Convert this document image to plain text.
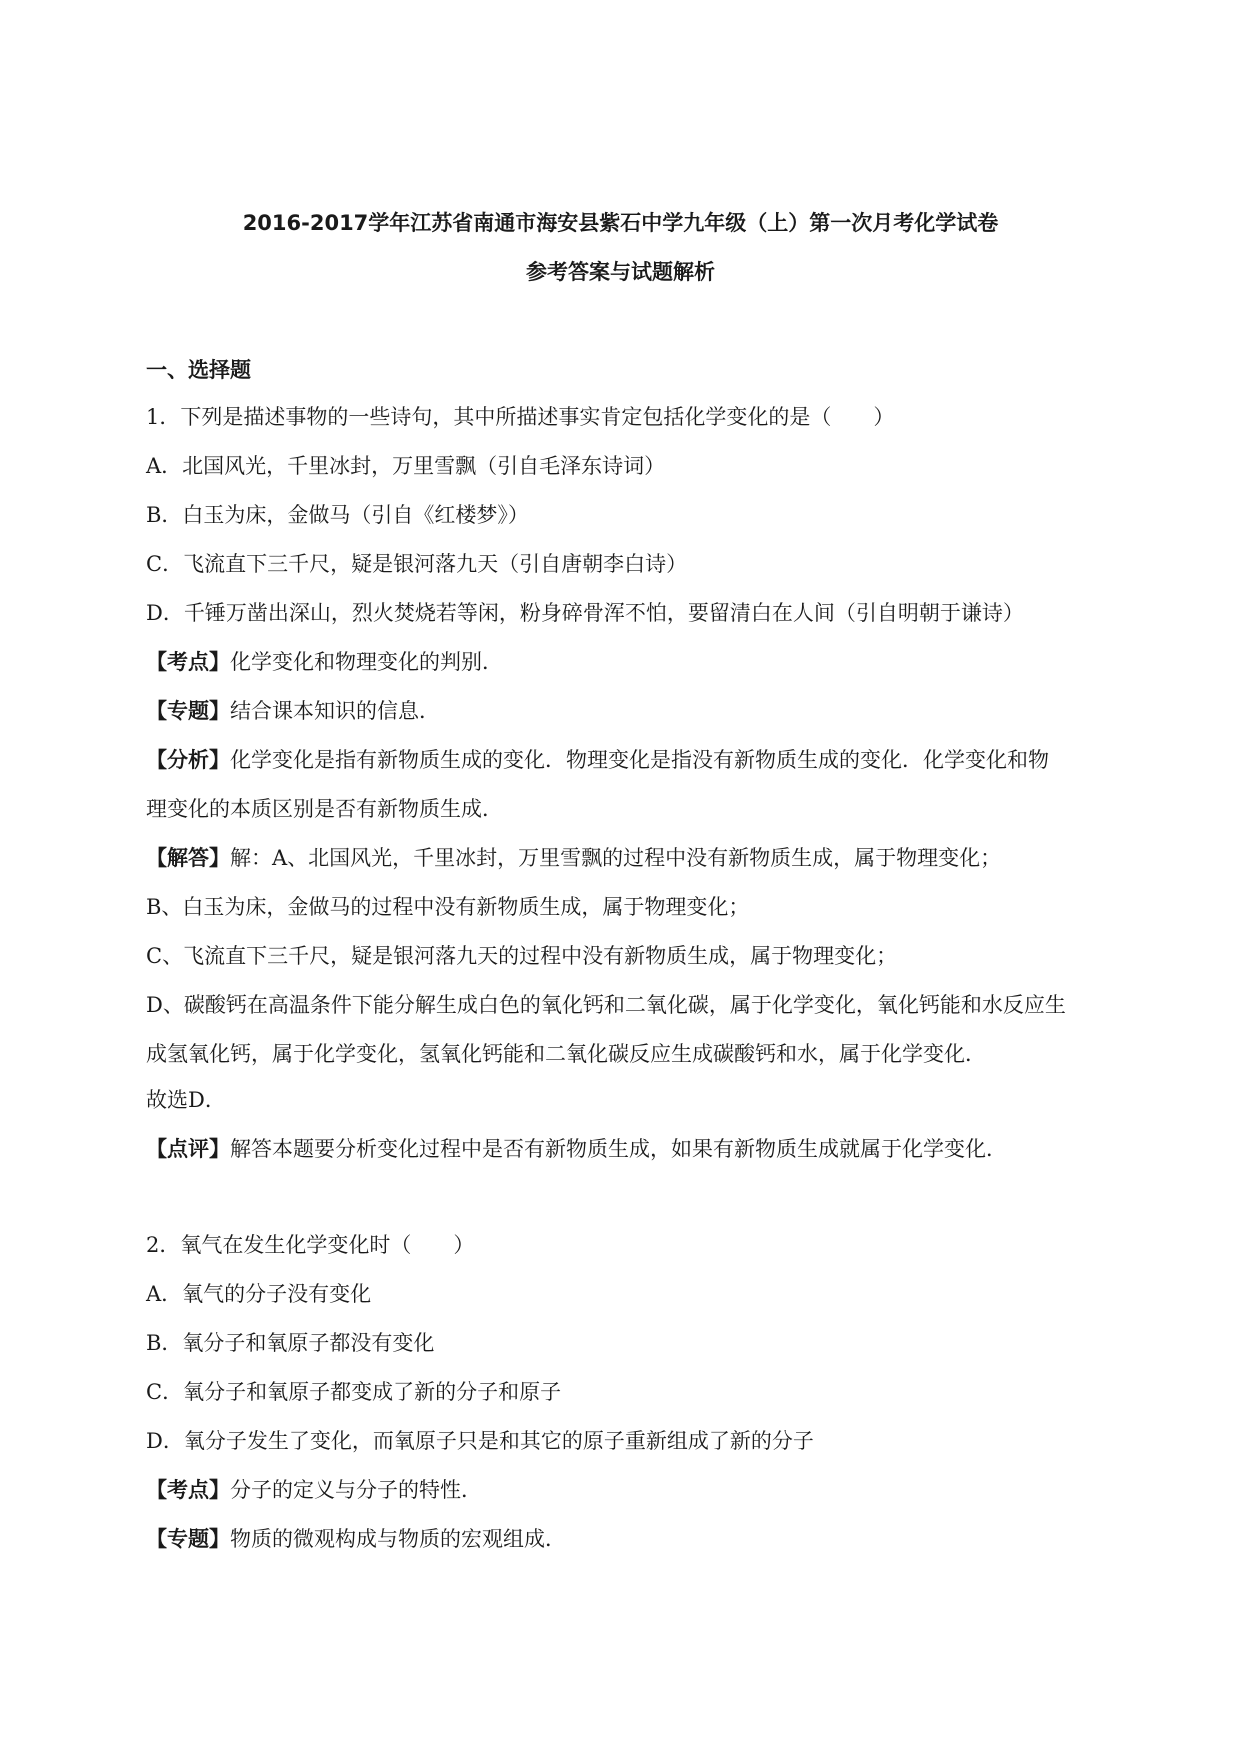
2016-2017学年江苏省南通市海安县紫石中学九年级（上）第一次月考化学试卷
参考答案与试题解析
一、选择题
1．下列是描述事物的一些诗句，其中所描述事实肯定包括化学变化的是（　　）
A．北国风光，千里冰封，万里雪飘（引自毛泽东诗词）
B．白玉为床，金做马（引自《红楼梦》）
C．飞流直下三千尺，疑是银河落九天（引自唐朝李白诗）
D．千锤万凿出深山，烈火焚烧若等闲，粉身碎骨浑不怕，要留清白在人间（引自明朝于谦诗）
【考点】化学变化和物理变化的判别．
【专题】结合课本知识的信息．
【分析】化学变化是指有新物质生成的变化．物理变化是指没有新物质生成的变化．化学变化和物
理变化的本质区别是否有新物质生成．
【解答】解：A、北国风光，千里冰封，万里雪飘的过程中没有新物质生成，属于物理变化；
B、白玉为床，金做马的过程中没有新物质生成，属于物理变化；
C、飞流直下三千尺，疑是银河落九天的过程中没有新物质生成，属于物理变化；
D、碳酸钙在高温条件下能分解生成白色的氧化钙和二氧化碳，属于化学变化，氧化钙能和水反应生
成氢氧化钙，属于化学变化，氢氧化钙能和二氧化碳反应生成碳酸钙和水，属于化学变化．
故选D．
【点评】解答本题要分析变化过程中是否有新物质生成，如果有新物质生成就属于化学变化．
2．氧气在发生化学变化时（　　）
A．氧气的分子没有变化
B．氧分子和氧原子都没有变化
C．氧分子和氧原子都变成了新的分子和原子
D．氧分子发生了变化，而氧原子只是和其它的原子重新组成了新的分子
【考点】分子的定义与分子的特性．
【专题】物质的微观构成与物质的宏观组成．
